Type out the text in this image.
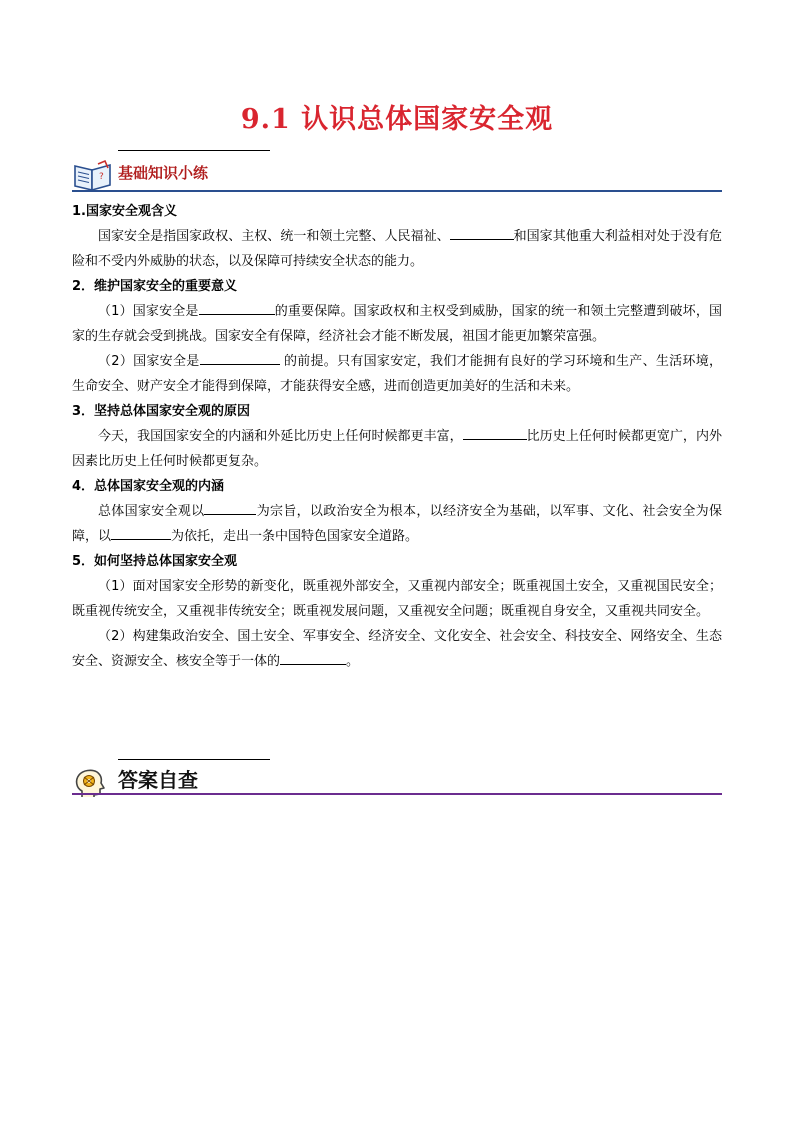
9.1 认识总体国家安全观
? 基础知识小练

1.国家安全观含义

国家安全是指国家政权、主权、统一和领土完整、人民福祉、	和国家其他重大利益相对处于没有危险和不受内外威胁的状态，以及保障可持续安全状态的能力。

2．维护国家安全的重要意义

（1）国家安全是	的重要保障。国家政权和主权受到威胁，国家的统一和领土完整遭到破坏，国家的生存就会受到挑战。国家安全有保障，经济社会才能不断发展，祖国才能更加繁荣富强。

（2）国家安全是	的前提。只有国家安定，我们才能拥有良好的学习环境和生产、生活环境，生命安全、财产安全才能得到保障，才能获得安全感，进而创造更加美好的生活和未来。

3．坚持总体国家安全观的原因

今天，我国国家安全的内涵和外延比历史上任何时候都更丰富，	比历史上任何时候都更宽广，内外因素比历史上任何时候都更复杂。

4．总体国家安全观的内涵

总体国家安全观以	为宗旨，以政治安全为根本，以经济安全为基础，以军事、文化、社会安全为保障，以	为依托，走出一条中国特色国家安全道路。

5．如何坚持总体国家安全观

（1）面对国家安全形势的新变化，既重视外部安全，又重视内部安全；既重视国土安全，又重视国民安全；既重视传统安全，又重视非传统安全；既重视发展问题，又重视安全问题；既重视自身安全，又重视共同安全。

（2）构建集政治安全、国土安全、军事安全、经济安全、文化安全、社会安全、科技安全、网络安全、生态安全、资源安全、核安全等于一体的	。

答案自查
